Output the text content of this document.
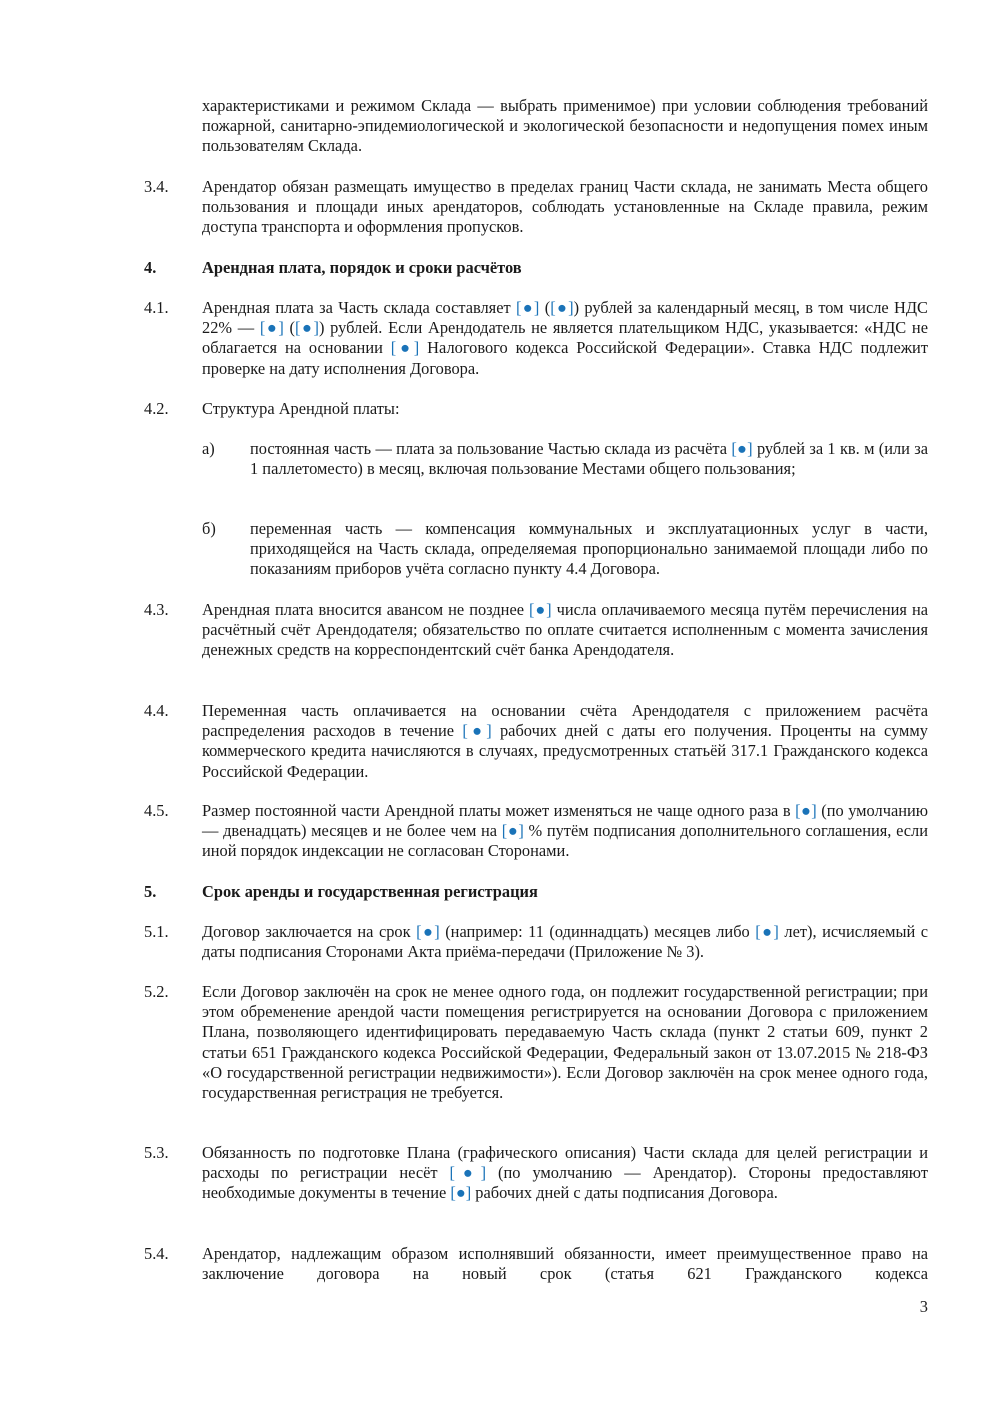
характеристиками и режимом Склада — выбрать применимое) при условии соблюдения требований пожарной, санитарно-эпидемиологической и экологической безопасности и недопущения помех иным пользователям Склада.
3.4. Арендатор обязан размещать имущество в пределах границ Части склада, не занимать Места общего пользования и площади иных арендаторов, соблюдать установленные на Складе правила, режим доступа транспорта и оформления пропусков.
4.	Арендная плата, порядок и сроки расчётов
4.1. Арендная плата за Часть склада составляет [●] ([●]) рублей за календарный месяц, в том числе НДС 22% — [●] ([●]) рублей. Если Арендодатель не является плательщиком НДС, указывается: «НДС не облагается на основании [●] Налогового кодекса Российской Федерации». Ставка НДС подлежит проверке на дату исполнения Договора.
4.2. Структура Арендной платы:
а) постоянная часть — плата за пользование Частью склада из расчёта [●] рублей за 1 кв. м (или за 1 паллетоместо) в месяц, включая пользование Местами общего пользования;
б) переменная часть — компенсация коммунальных и эксплуатационных услуг в части, приходящейся на Часть склада, определяемая пропорционально занимаемой площади либо по показаниям приборов учёта согласно пункту 4.4 Договора.
4.3. Арендная плата вносится авансом не позднее [●] числа оплачиваемого месяца путём перечисления на расчётный счёт Арендодателя; обязательство по оплате считается исполненным с момента зачисления денежных средств на корреспондентский счёт банка Арендодателя.
4.4. Переменная часть оплачивается на основании счёта Арендодателя с приложением расчёта распределения расходов в течение [●] рабочих дней с даты его получения. Проценты на сумму коммерческого кредита начисляются в случаях, предусмотренных статьёй 317.1 Гражданского кодекса Российской Федерации.
4.5. Размер постоянной части Арендной платы может изменяться не чаще одного раза в [●] (по умолчанию — двенадцать) месяцев и не более чем на [●] % путём подписания дополнительного соглашения, если иной порядок индексации не согласован Сторонами.
5.	Срок аренды и государственная регистрация
5.1. Договор заключается на срок [●] (например: 11 (одиннадцать) месяцев либо [●] лет), исчисляемый с даты подписания Сторонами Акта приёма-передачи (Приложение № 3).
5.2. Если Договор заключён на срок не менее одного года, он подлежит государственной регистрации; при этом обременение арендой части помещения регистрируется на основании Договора с приложением Плана, позволяющего идентифицировать передаваемую Часть склада (пункт 2 статьи 609, пункт 2 статьи 651 Гражданского кодекса Российской Федерации, Федеральный закон от 13.07.2015 № 218-ФЗ «О государственной регистрации недвижимости»). Если Договор заключён на срок менее одного года, государственная регистрация не требуется.
5.3. Обязанность по подготовке Плана (графического описания) Части склада для целей регистрации и расходы по регистрации несёт [●] (по умолчанию — Арендатор). Стороны предоставляют необходимые документы в течение [●] рабочих дней с даты подписания Договора.
5.4. Арендатор, надлежащим образом исполнявший обязанности, имеет преимущественное право на заключение договора на новый срок (статья 621 Гражданского кодекса
3
